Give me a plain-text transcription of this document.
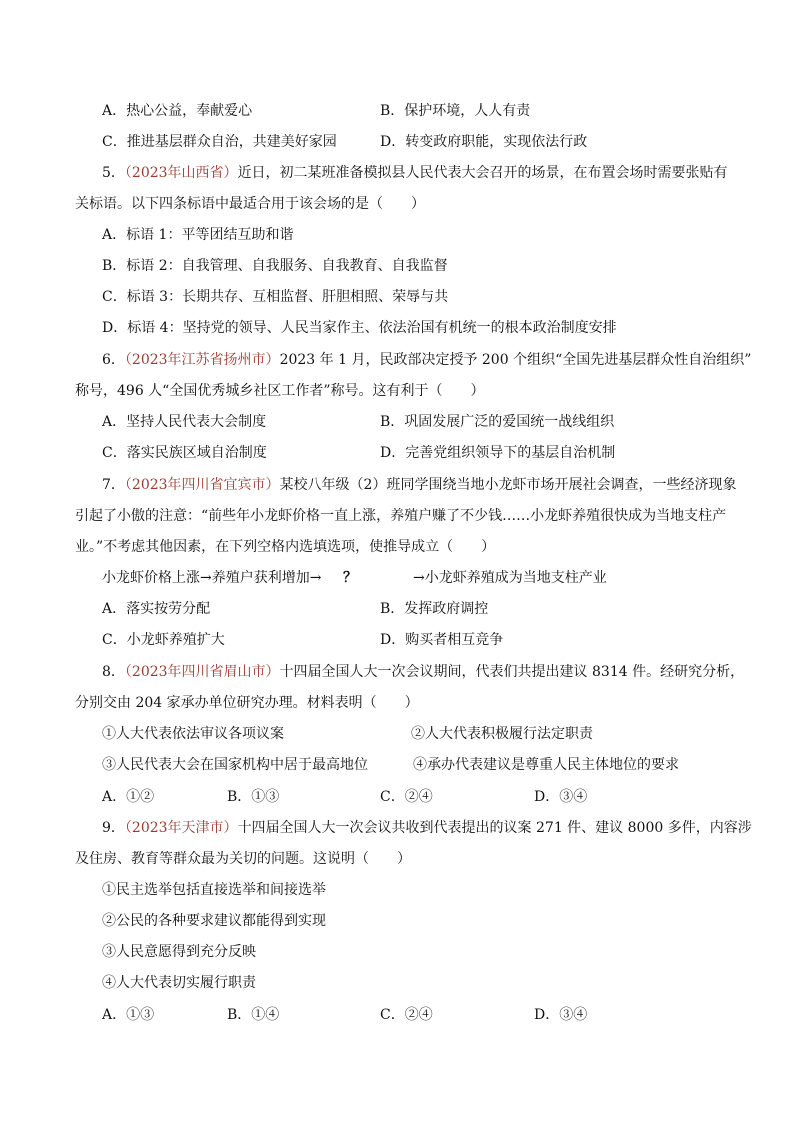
A．热心公益，奉献爱心	B．保护环境，人人有责
C．推进基层群众自治，共建美好家园	D．转变政府职能，实现依法行政
5．（2023年山西省）近日，初二某班准备模拟县人民代表大会召开的场景，在布置会场时需要张贴有
关标语。以下四条标语中最适合用于该会场的是（　　）
A．标语 1：平等团结互助和谐
B．标语 2：自我管理、自我服务、自我教育、自我监督
C．标语 3：长期共存、互相监督、肝胆相照、荣辱与共
D．标语 4：坚持党的领导、人民当家作主、依法治国有机统一的根本政治制度安排
6．（2023年江苏省扬州市）2023 年 1 月，民政部决定授予 200 个组织“全国先进基层群众性自治组织”
称号，496 人“全国优秀城乡社区工作者”称号。这有利于（　　）
A．坚持人民代表大会制度	B．巩固发展广泛的爱国统一战线组织
C．落实民族区域自治制度	D．完善党组织领导下的基层自治机制
7．（2023年四川省宜宾市）某校八年级（2）班同学围绕当地小龙虾市场开展社会调查，一些经济现象
引起了小傲的注意：“前些年小龙虾价格一直上涨，养殖户赚了不少钱……小龙虾养殖很快成为当地支柱产
业。”不考虑其他因素，在下列空格内选填选项，使推导成立（　　）
小龙虾价格上涨→养殖户获利增加→ ？	→小龙虾养殖成为当地支柱产业
A．落实按劳分配	B．发挥政府调控
C．小龙虾养殖扩大	D．购买者相互竞争
8．（2023年四川省眉山市）十四届全国人大一次会议期间，代表们共提出建议 8314 件。经研究分析，
分别交由 204 家承办单位研究办理。材料表明（　　）
①人大代表依法审议各项议案	②人大代表积极履行法定职责
③人民代表大会在国家机构中居于最高地位	④承办代表建议是尊重人民主体地位的要求
A．①②	B．①③	C．②④	D．③④
9．（2023年天津市）十四届全国人大一次会议共收到代表提出的议案 271 件、建议 8000 多件，内容涉
及住房、教育等群众最为关切的问题。这说明（　　）
①民主选举包括直接选举和间接选举
②公民的各种要求建议都能得到实现
③人民意愿得到充分反映
④人大代表切实履行职责
A．①③	B．①④	C．②④	D．③④
